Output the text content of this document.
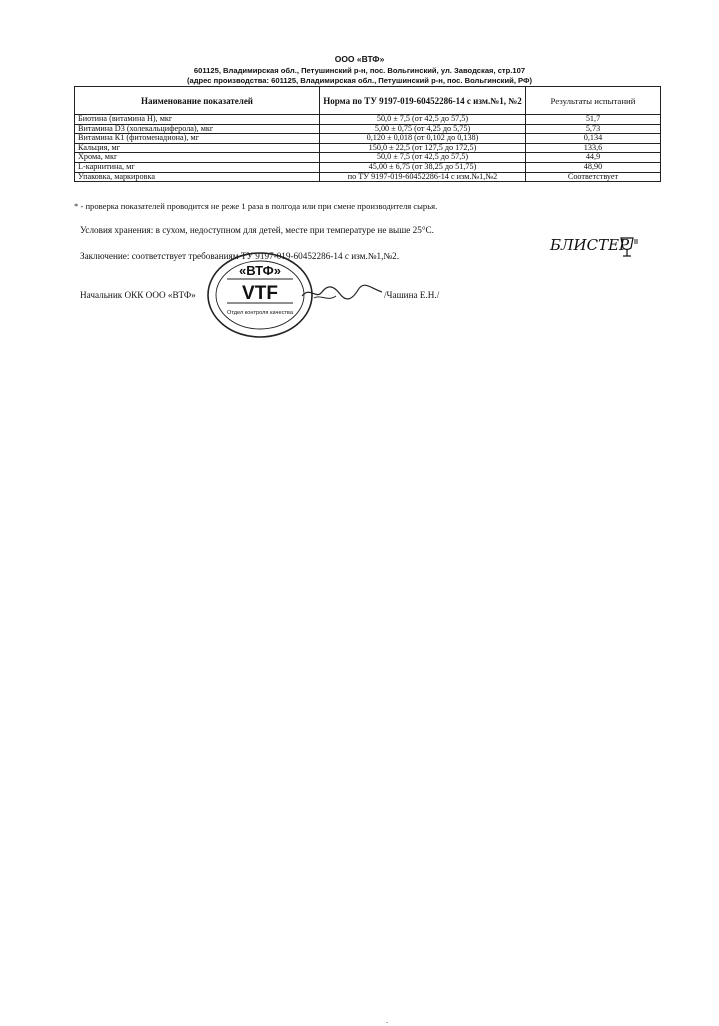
ООО «ВТФ»
601125, Владимирская обл., Петушинский р-н, пос. Вольгинский, ул. Заводская, стр.107
(адрес производства: 601125, Владимирская обл., Петушинский р-н, пос. Вольгинский, РФ)
Наименование показателей	Норма по ТУ 9197-019-60452286-14 с изм.№1, №2	Результаты испытаний
Биотина (витамина Н), мкг	50,0 ± 7,5 (от 42,5 до 57,5)	51,7
Витамина D3 (холекальциферола), мкг	5,00 ± 0,75 (от 4,25 до 5,75)	5,73
Витамина К1 (фитоменадиона), мг	0,120 ± 0,018 (от 0,102 до 0,138)	0,134
Кальция, мг	150,0 ± 22,5 (от 127,5 до 172,5)	133,6
Хрома, мкг	50,0 ± 7,5 (от 42,5 до 57,5)	44,9
L-карнитина, мг	45,00 ± 6,75 (от 38,25 до 51,75)	48,90
Упаковка, маркировка	по ТУ 9197-019-60452286-14 с изм.№1,№2	Соответствует
* - проверка показателей проводится не реже 1 раза в полгода или при смене производителя сырья.
Условия хранения: в сухом, недоступном для детей, месте при температуре не выше 25°С.
Заключение: соответствует требованиям ТУ 9197-019-60452286-14 с изм.№1,№2.
БЛИСТЕР
Начальник ОКК ООО «ВТФ»	/Чашина Е.Н./
«ВТФ»
VTF
Отдел контроля качества
-
